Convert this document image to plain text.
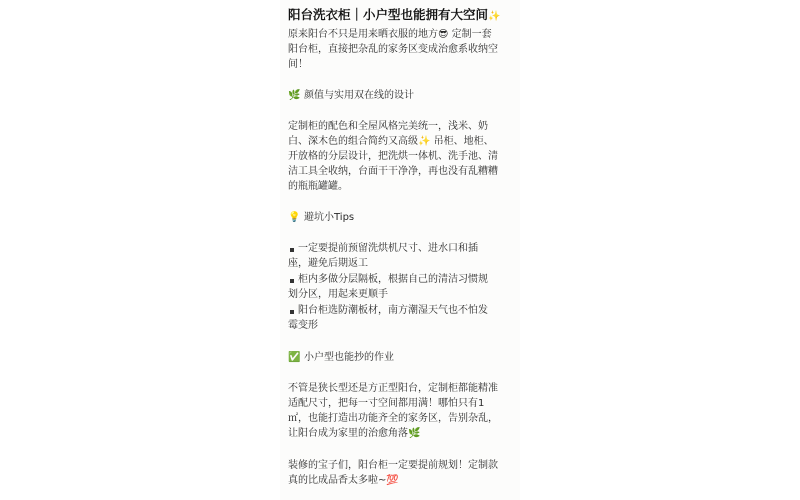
阳台洗衣柜｜小户型也能拥有大空间✨
原来阳台不只是用来晒衣服的地方😎 定制一套
阳台柜，直接把杂乱的家务区变成治愈系收纳空
间！
🌿 颜值与实用双在线的设计
定制柜的配色和全屋风格完美统一，浅米、奶
白、深木色的组合简约又高级✨ 吊柜、地柜、
开放格的分层设计，把洗烘一体机、洗手池、清
洁工具全收纳，台面干干净净，再也没有乱糟糟
的瓶瓶罐罐。
💡 避坑小Tips
一定要提前预留洗烘机尺寸、进水口和插
座，避免后期返工
柜内多做分层隔板，根据自己的清洁习惯规
划分区，用起来更顺手
阳台柜选防潮板材，南方潮湿天气也不怕发
霉变形
✅ 小户型也能抄的作业
不管是狭长型还是方正型阳台，定制柜都能精准
适配尺寸，把每一寸空间都用满！哪怕只有1
㎡，也能打造出功能齐全的家务区，告别杂乱，
让阳台成为家里的治愈角落🌿
装修的宝子们，阳台柜一定要提前规划！定制款
真的比成品香太多啦~💯
